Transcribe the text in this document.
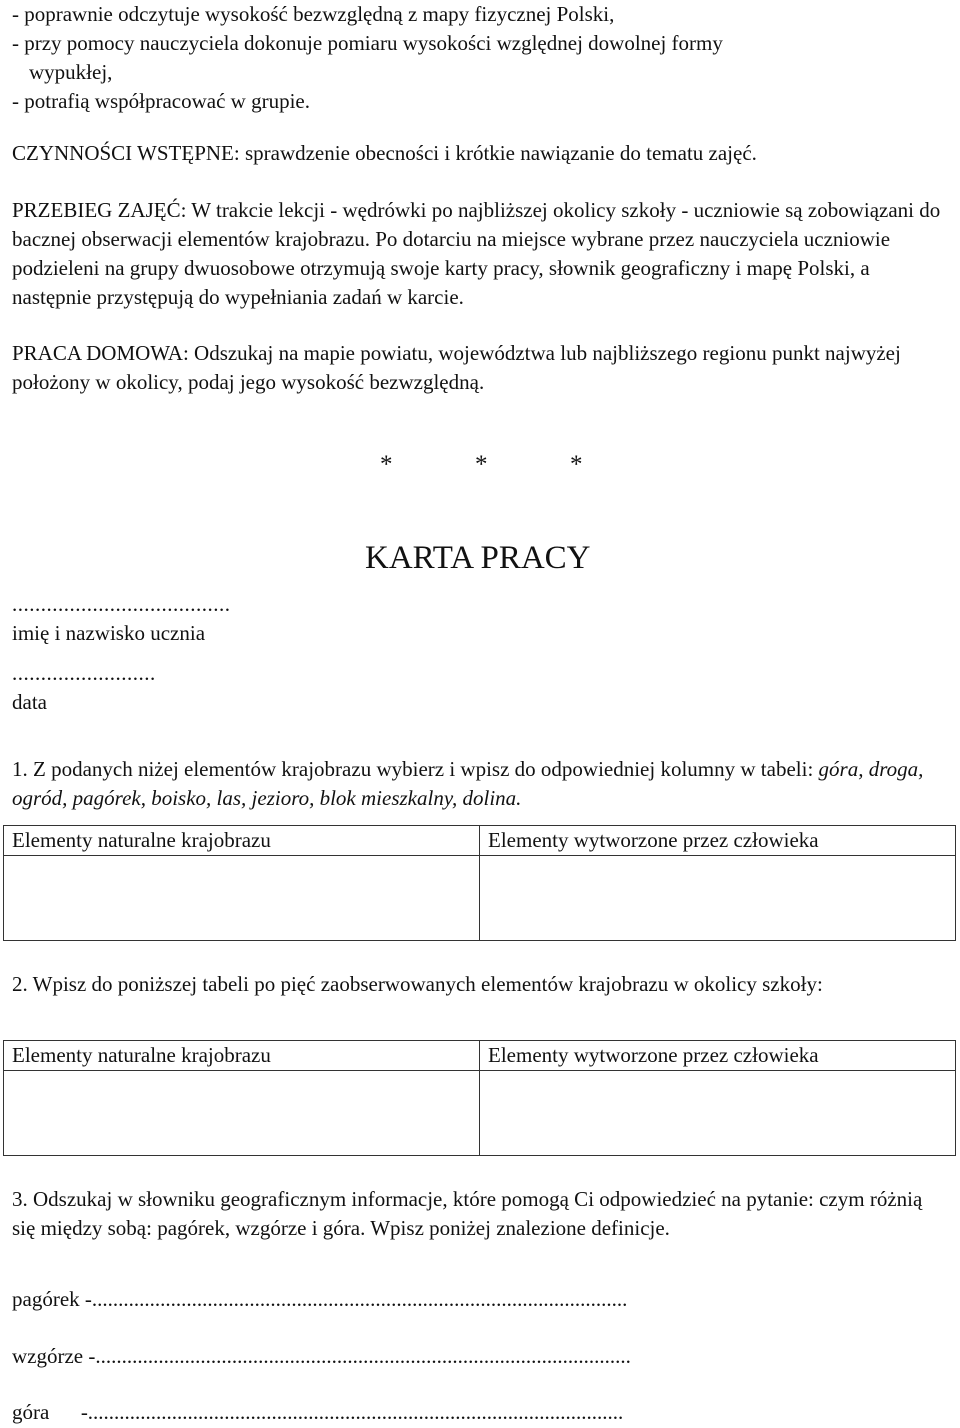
- poprawnie odczytuje wysokość bezwzględną z mapy fizycznej Polski,
- przy pomocy nauczyciela dokonuje pomiaru wysokości względnej dowolnej formy
wypukłej,
- potrafią współpracować w grupie.

CZYNNOŚCI WSTĘPNE: sprawdzenie obecności i krótkie nawiązanie do tematu zajęć.

PRZEBIEG ZAJĘĆ: W trakcie lekcji - wędrówki po najbliższej okolicy szkoły - uczniowie są zobowiązani do bacznej obserwacji elementów krajobrazu. Po dotarciu na miejsce wybrane przez nauczyciela uczniowie podzieleni na grupy dwuosobowe otrzymują swoje karty pracy, słownik geograficzny i mapę Polski, a następnie przystępują do wypełniania zadań w karcie.

PRACA DOMOWA: Odszukaj na mapie powiatu, województwa lub najbliższego regionu punkt najwyżej położony w okolicy, podaj jego wysokość bezwzględną.

*	*	*
KARTA PRACY
......................................
imię i nazwisko ucznia
.........................
data

1. Z podanych niżej elementów krajobrazu wybierz i wpisz do odpowiedniej kolumny w tabeli: góra, droga, ogród, pagórek, boisko, las, jezioro, blok mieszkalny, dolina.

Elementy naturalne krajobrazu	Elementy wytworzone przez człowieka

2. Wpisz do poniższej tabeli po pięć zaobserwowanych elementów krajobrazu w okolicy szkoły:

Elementy naturalne krajobrazu	Elementy wytworzone przez człowieka

3. Odszukaj w słowniku geograficznym informacje, które pomogą Ci odpowiedzieć na pytanie: czym różnią się między sobą: pagórek, wzgórze i góra. Wpisz poniżej znalezione definicje.

pagórek -......................................................................................................
wzgórze -......................................................................................................
góra      -......................................................................................................
